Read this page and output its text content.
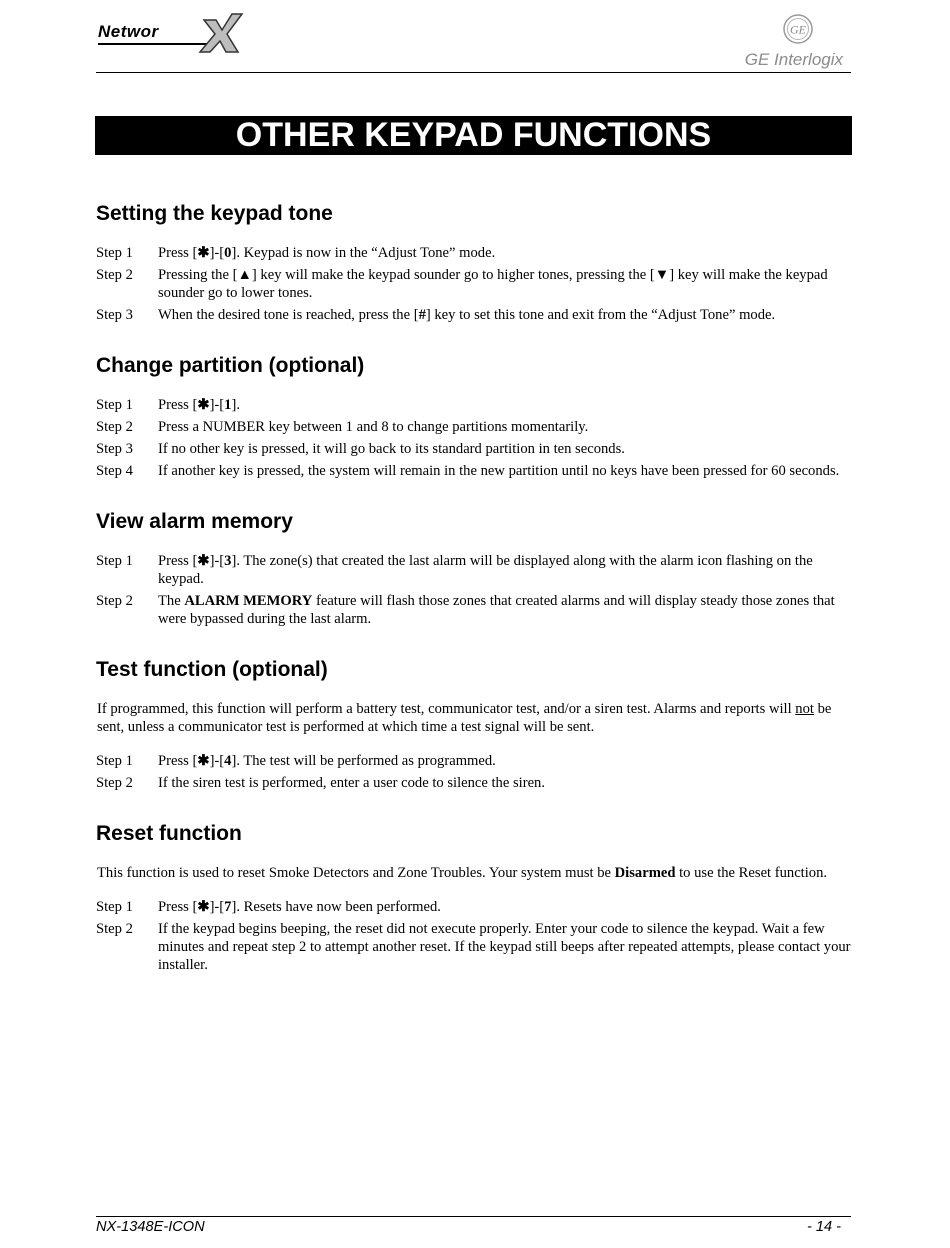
Networ	GE
GE Interlogix
OTHER KEYPAD FUNCTIONS
Setting the keypad tone
Step 1	Press [✱]-[0]. Keypad is now in the “Adjust Tone” mode.
Step 2	Pressing the [▲] key will make the keypad sounder go to higher tones, pressing the [▼] key will make the keypad sounder go to lower tones.
Step 3	When the desired tone is reached, press the [#] key to set this tone and exit from the “Adjust Tone” mode.
Change partition (optional)
Step 1	Press [✱]-[1].
Step 2	Press a NUMBER key between 1 and 8 to change partitions momentarily.
Step 3	If no other key is pressed, it will go back to its standard partition in ten seconds.
Step 4	If another key is pressed, the system will remain in the new partition until no keys have been pressed for 60 seconds.
View alarm memory
Step 1	Press [✱]-[3]. The zone(s) that created the last alarm will be displayed along with the alarm icon flashing on the keypad.
Step 2	The ALARM MEMORY feature will flash those zones that created alarms and will display steady those zones that were bypassed during the last alarm.
Test function (optional)

If programmed, this function will perform a battery test, communicator test, and/or a siren test. Alarms and reports will not be sent, unless a communicator test is performed at which time a test signal will be sent.

Step 1	Press [✱]-[4]. The test will be performed as programmed.
Step 2	If the siren test is performed, enter a user code to silence the siren.
Reset function

This function is used to reset Smoke Detectors and Zone Troubles. Your system must be Disarmed to use the Reset function.

Step 1	Press [✱]-[7]. Resets have now been performed.
Step 2	If the keypad begins beeping, the reset did not execute properly. Enter your code to silence the keypad. Wait a few minutes and repeat step 2 to attempt another reset. If the keypad still beeps after repeated attempts, please contact your installer.
NX-1348E-ICON	- 14 -
